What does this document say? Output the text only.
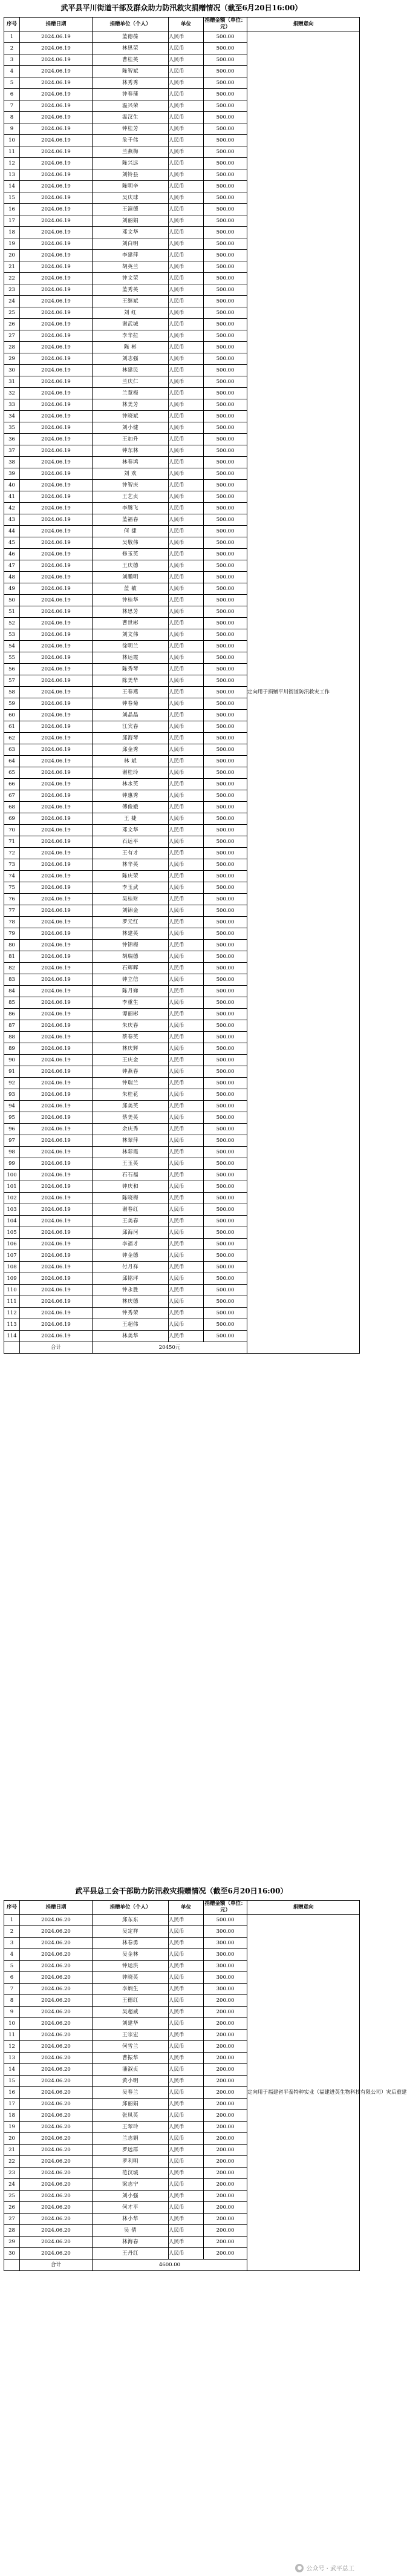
武平县平川街道干部及群众助力防汛救灾捐赠情况（截至6月20日16:00）
序号	捐赠日期	捐赠单位（个人）	单位	捐赠金额（单位：元）	捐赠意向
1	2024.06.19	蓝德葆	人民币	500.00	定向用于捐赠平川街道防汛救灾工作
2	2024.06.19	林思荣	人民币	500.00	
3	2024.06.19	曹桂英	人民币	500.00	
4	2024.06.19	陈智斌	人民币	500.00	
5	2024.06.19	林秀秀	人民币	500.00	
6	2024.06.19	钟春蒲	人民币	500.00	
7	2024.06.19	温兴荣	人民币	500.00	
8	2024.06.19	温汉生	人民币	500.00	
9	2024.06.19	钟桂芳	人民币	500.00	
10	2024.06.19	危千伟	人民币	500.00	
11	2024.06.19	兰燕梅	人民币	500.00	
12	2024.06.19	陈兴远	人民币	500.00	
13	2024.06.19	刘铃县	人民币	500.00	
14	2024.06.19	陈明辛	人民币	500.00	
15	2024.06.19	吴庆球	人民币	500.00	
16	2024.06.19	王演德	人民币	500.00	
17	2024.06.19	刘丽娟	人民币	500.00	
18	2024.06.19	邓文华	人民币	500.00	
19	2024.06.19	刘白明	人民币	500.00	
20	2024.06.19	李建萍	人民币	500.00	
21	2024.06.19	胡英兰	人民币	500.00	
22	2024.06.19	钟文荣	人民币	500.00	
23	2024.06.19	蓝秀英	人民币	500.00	
24	2024.06.19	王继斌	人民币	500.00	
25	2024.06.19	刘 红	人民币	500.00	
26	2024.06.19	谢武城	人民币	500.00	
27	2024.06.19	李华拉	人民币	500.00	
28	2024.06.19	陈 彬	人民币	500.00	
29	2024.06.19	刘志强	人民币	500.00	
30	2024.06.19	林建民	人民币	500.00	
31	2024.06.19	兰庆仁	人民币	500.00	
32	2024.06.19	兰慧梅	人民币	500.00	
33	2024.06.19	林美芳	人民币	500.00	
34	2024.06.19	钟晓斌	人民币	500.00	
35	2024.06.19	刘小健	人民币	500.00	
36	2024.06.19	王加升	人民币	500.00	
37	2024.06.19	钟东林	人民币	500.00	
38	2024.06.19	林春鸿	人民币	500.00	
39	2024.06.19	刘 欢	人民币	500.00	
40	2024.06.19	钟智庆	人民币	500.00	
41	2024.06.19	王艺贞	人民币	500.00	
42	2024.06.19	李腾飞	人民币	500.00	
43	2024.06.19	蓝福春	人民币	500.00	
44	2024.06.19	何 捷	人民币	500.00	
45	2024.06.19	吴敬伟	人民币	500.00	
46	2024.06.19	修玉英	人民币	500.00	
47	2024.06.19	王庆德	人民币	500.00	
48	2024.06.19	刘鹏明	人民币	500.00	
49	2024.06.19	蓝 敏	人民币	500.00	
50	2024.06.19	钟桂华	人民币	500.00	
51	2024.06.19	林思芳	人民币	500.00	
52	2024.06.19	曹世彬	人民币	500.00	
53	2024.06.19	刘文伟	人民币	500.00	
54	2024.06.19	徐明兰	人民币	500.00	
55	2024.06.19	林运霞	人民币	500.00	
56	2024.06.19	陈秀琴	人民币	500.00	
57	2024.06.19	陈美华	人民币	500.00	
58	2024.06.19	王春燕	人民币	500.00	
59	2024.06.19	钟春菊	人民币	500.00	
60	2024.06.19	刘晶晶	人民币	500.00	
61	2024.06.19	江宾春	人民币	500.00	
62	2024.06.19	邱海琴	人民币	500.00	
63	2024.06.19	邱金秀	人民币	500.00	
64	2024.06.19	林 斌	人民币	500.00	
65	2024.06.19	谢桂玲	人民币	500.00	
66	2024.06.19	林水英	人民币	500.00	
67	2024.06.19	钟惠秀	人民币	500.00	
68	2024.06.19	傅俊娥	人民币	500.00	
69	2024.06.19	王 婕	人民币	500.00	
70	2024.06.19	邓文华	人民币	500.00	
71	2024.06.19	石远平	人民币	500.00	
72	2024.06.19	王有才	人民币	500.00	
73	2024.06.19	林华英	人民币	500.00	
74	2024.06.19	陈庆荣	人民币	500.00	
75	2024.06.19	李玉武	人民币	500.00	
76	2024.06.19	吴桂财	人民币	500.00	
77	2024.06.19	刘锦金	人民币	500.00	
78	2024.06.19	罗元红	人民币	500.00	
79	2024.06.19	林建英	人民币	500.00	
80	2024.06.19	钟锦梅	人民币	500.00	
81	2024.06.19	胡瑞德	人民币	500.00	
82	2024.06.19	石辉晖	人民币	500.00	
83	2024.06.19	钟立信	人民币	500.00	
84	2024.06.19	陈月娣	人民币	500.00	
85	2024.06.19	李重生	人民币	500.00	
86	2024.06.19	谭丽彬	人民币	500.00	
87	2024.06.19	朱庆春	人民币	500.00	
88	2024.06.19	蔡春英	人民币	500.00	
89	2024.06.19	林庆辉	人民币	500.00	
90	2024.06.19	王庆金	人民币	500.00	
91	2024.06.19	钟燕春	人民币	500.00	
92	2024.06.19	钟瑞兰	人民币	500.00	
93	2024.06.19	朱桂花	人民币	500.00	
94	2024.06.19	邱美英	人民币	500.00	
95	2024.06.19	蔡美英	人民币	500.00	
96	2024.06.19	余庆秀	人民币	500.00	
97	2024.06.19	林翠萍	人民币	500.00	
98	2024.06.19	林彩霞	人民币	500.00	
99	2024.06.19	王玉英	人民币	500.00	
100	2024.06.19	石石福	人民币	500.00	
101	2024.06.19	钟庆和	人民币	500.00	
102	2024.06.19	陈晓梅	人民币	500.00	
103	2024.06.19	谢春红	人民币	500.00	
104	2024.06.19	王美春	人民币	500.00	
105	2024.06.19	邱海河	人民币	500.00	
106	2024.06.19	李福才	人民币	500.00	
107	2024.06.19	钟金德	人民币	500.00	
108	2024.06.19	付月祥	人民币	500.00	
109	2024.06.19	邱铭坪	人民币	500.00	
110	2024.06.19	钟永胜	人民币	500.00	
111	2024.06.19	林庆德	人民币	500.00	
112	2024.06.19	钟秀荣	人民币	500.00	
113	2024.06.19	王超伟	人民币	500.00	
114	2024.06.19	林美华	人民币	500.00	
	合计	20450元			
武平县总工会干部助力防汛救灾捐赠情况（截至6月20日16:00）
序号	捐赠日期	捐赠单位（个人）	单位	捐赠金额（单位：元）	捐赠意向
1	2024.06.20	邱东东	人民币	500.00	定向用于福建省平泰特种实业（福建进英生物科技有限公司）灾后重建
2	2024.06.20	吴定祥	人民币	300.00	
3	2024.06.20	林春勇	人民币	300.00	
4	2024.06.20	吴金林	人民币	300.00	
5	2024.06.20	钟运洪	人民币	300.00	
6	2024.06.20	钟晓英	人民币	300.00	
7	2024.06.20	李炳生	人民币	300.00	
8	2024.06.20	王德红	人民币	200.00	
9	2024.06.20	吴超威	人民币	200.00	
10	2024.06.20	刘建华	人民币	200.00	
11	2024.06.20	王宗宏	人民币	200.00	
12	2024.06.20	何雪兰	人民币	200.00	
13	2024.06.20	曹振华	人民币	200.00	
14	2024.06.20	潘淑贞	人民币	200.00	
15	2024.06.20	黄小明	人民币	200.00	
16	2024.06.20	吴春兰	人民币	200.00	
17	2024.06.20	邱丽娟	人民币	200.00	
18	2024.06.20	张凤英	人民币	200.00	
19	2024.06.20	王翠玲	人民币	200.00	
20	2024.06.20	兰志娟	人民币	200.00	
21	2024.06.20	罗远群	人民币	200.00	
22	2024.06.20	罗利明	人民币	200.00	
23	2024.06.20	范汉城	人民币	200.00	
24	2024.06.20	梁志宁	人民币	200.00	
25	2024.06.20	刘小强	人民币	200.00	
26	2024.06.20	何才平	人民币	200.00	
27	2024.06.20	林小华	人民币	200.00	
28	2024.06.20	吴 倩	人民币	200.00	
29	2024.06.20	林海春	人民币	200.00	
30	2024.06.20	王丹红	人民币	200.00	
	合计	4600.00			
● 公众号 · 武平总工
